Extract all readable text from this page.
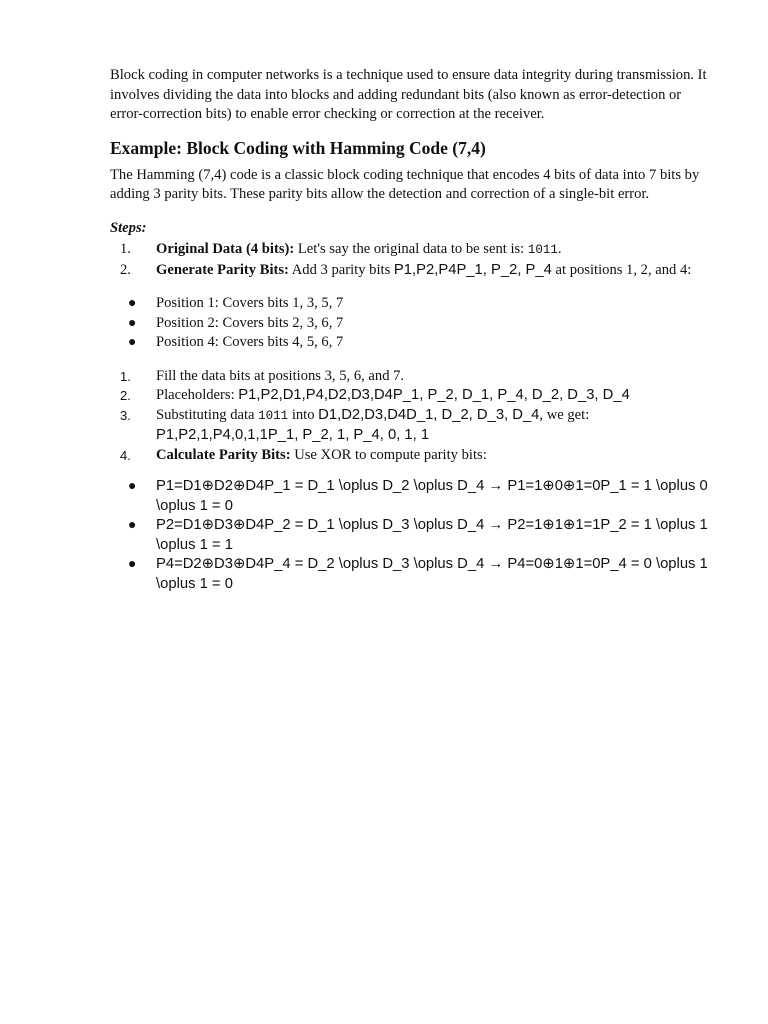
Block coding in computer networks is a technique used to ensure data integrity during transmission. It involves dividing the data into blocks and adding redundant bits (also known as error-detection or error-correction bits) to enable error checking or correction at the receiver.

Example: Block Coding with Hamming Code (7,4)

The Hamming (7,4) code is a classic block coding technique that encodes 4 bits of data into 7 bits by adding 3 parity bits. These parity bits allow the detection and correction of a single-bit error.

Steps:

1.	Original Data (4 bits): Let's say the original data to be sent is: 1011.
2.	Generate Parity Bits: Add 3 parity bits P1,P2,P4P_1, P_2, P_4 at positions 1, 2, and 4:
● Position 1: Covers bits 1, 3, 5, 7
● Position 2: Covers bits 2, 3, 6, 7
● Position 4: Covers bits 4, 5, 6, 7
1.	Fill the data bits at positions 3, 5, 6, and 7.
2.	Placeholders: P1,P2,D1,P4,D2,D3,D4P_1, P_2, D_1, P_4, D_2, D_3, D_4
3.	Substituting data 1011 into D1,D2,D3,D4D_1, D_2, D_3, D_4, we get:
P1,P2,1,P4,0,1,1P_1, P_2, 1, P_4, 0, 1, 1
4.	Calculate Parity Bits: Use XOR to compute parity bits:
● P1=D1⊕D2⊕D4P_1 = D_1 \oplus D_2 \oplus D_4 → P1=1⊕0⊕1=0P_1 = 1 \oplus 0 \oplus 1 = 0
● P2=D1⊕D3⊕D4P_2 = D_1 \oplus D_3 \oplus D_4 → P2=1⊕1⊕1=1P_2 = 1 \oplus 1 \oplus 1 = 1
● P4=D2⊕D3⊕D4P_4 = D_2 \oplus D_3 \oplus D_4 → P4=0⊕1⊕1=0P_4 = 0 \oplus 1 \oplus 1 = 0
